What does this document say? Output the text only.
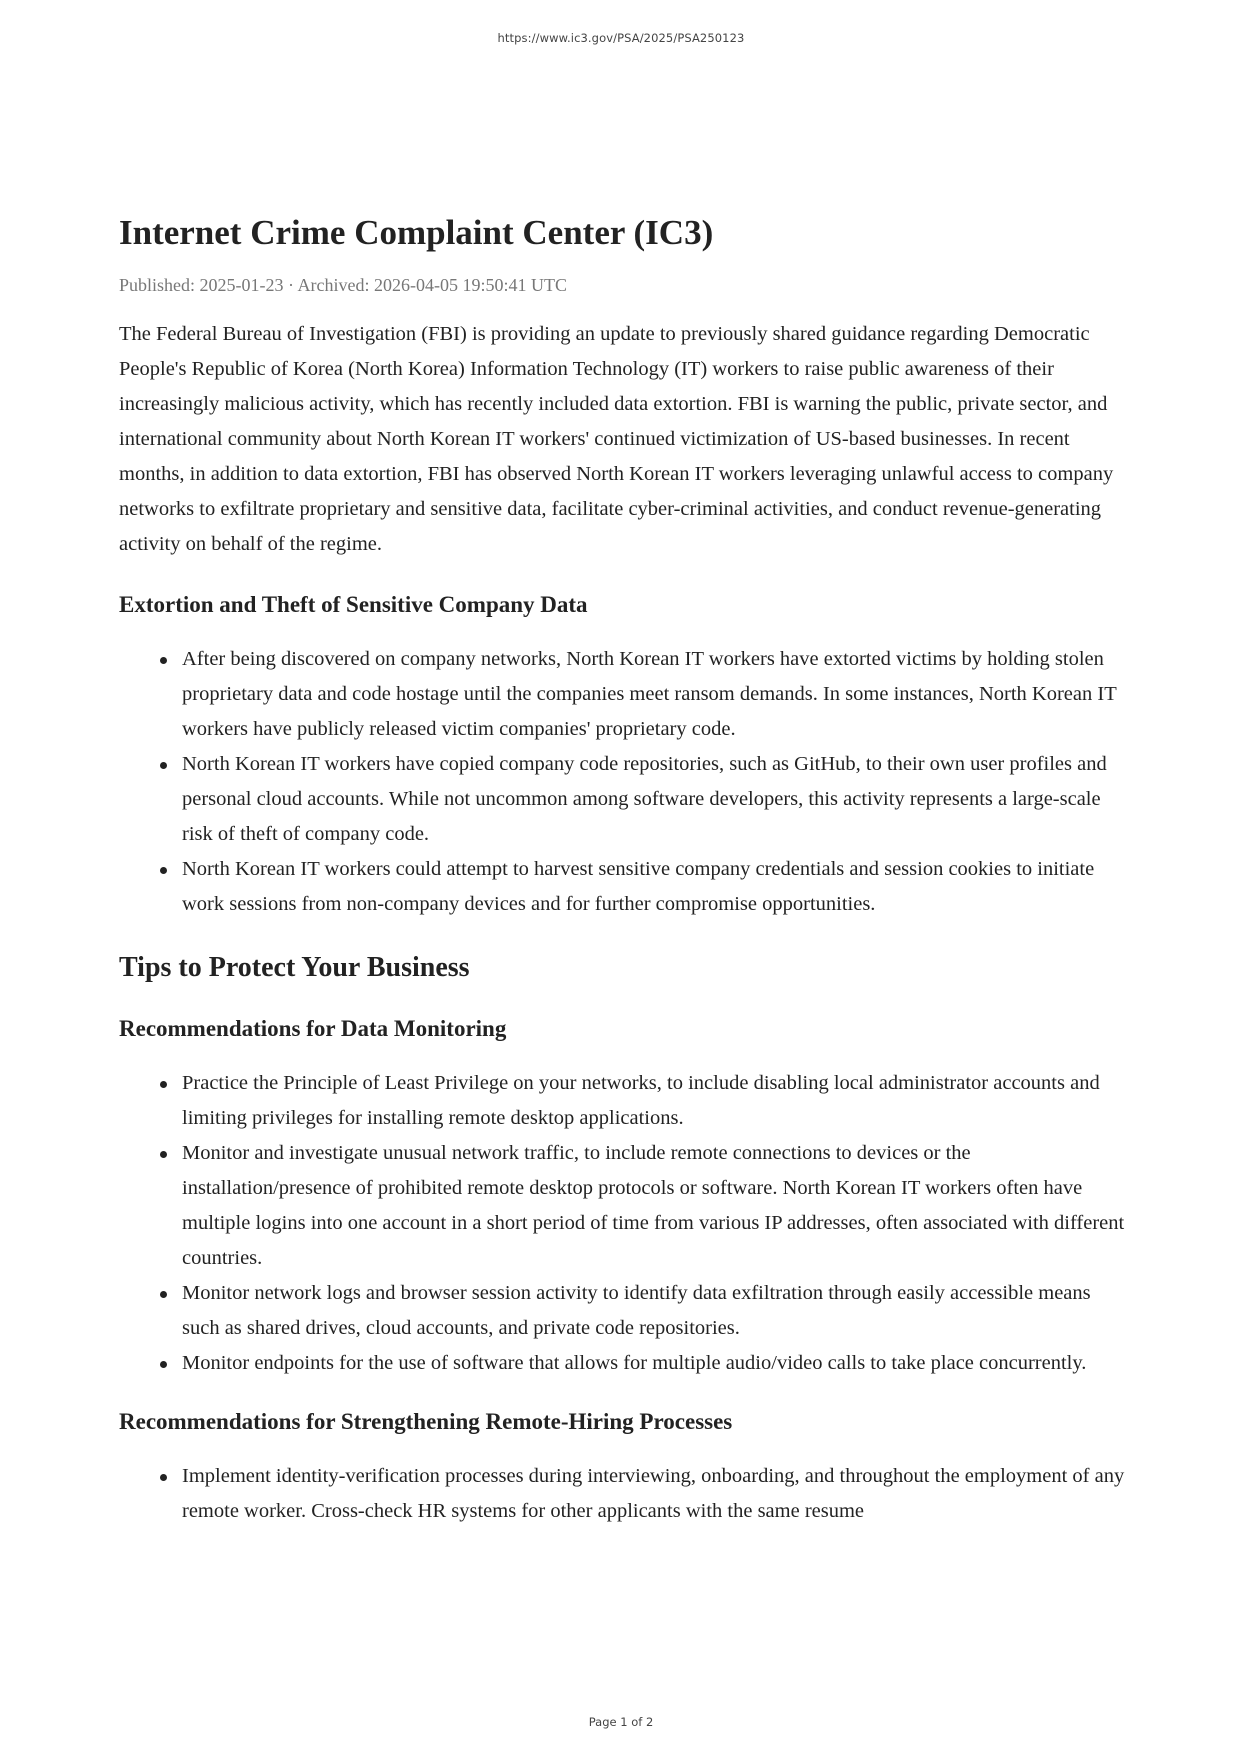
https://www.ic3.gov/PSA/2025/PSA250123
Internet Crime Complaint Center (IC3)
Published: 2025-01-23 · Archived: 2026-04-05 19:50:41 UTC

The Federal Bureau of Investigation (FBI) is providing an update to previously shared guidance regarding Democratic People's Republic of Korea (North Korea) Information Technology (IT) workers to raise public awareness of their increasingly malicious activity, which has recently included data extortion. FBI is warning the public, private sector, and international community about North Korean IT workers' continued victimization of US-based businesses. In recent months, in addition to data extortion, FBI has observed North Korean IT workers leveraging unlawful access to company networks to exfiltrate proprietary and sensitive data, facilitate cyber-criminal activities, and conduct revenue-generating activity on behalf of the regime.

Extortion and Theft of Sensitive Company Data
After being discovered on company networks, North Korean IT workers have extorted victims by holding stolen proprietary data and code hostage until the companies meet ransom demands. In some instances, North Korean IT workers have publicly released victim companies' proprietary code.
North Korean IT workers have copied company code repositories, such as GitHub, to their own user profiles and personal cloud accounts. While not uncommon among software developers, this activity represents a large-scale risk of theft of company code.
North Korean IT workers could attempt to harvest sensitive company credentials and session cookies to initiate work sessions from non-company devices and for further compromise opportunities.
Tips to Protect Your Business
Recommendations for Data Monitoring
Practice the Principle of Least Privilege on your networks, to include disabling local administrator accounts and limiting privileges for installing remote desktop applications.
Monitor and investigate unusual network traffic, to include remote connections to devices or the installation/presence of prohibited remote desktop protocols or software. North Korean IT workers often have multiple logins into one account in a short period of time from various IP addresses, often associated with different countries.
Monitor network logs and browser session activity to identify data exfiltration through easily accessible means such as shared drives, cloud accounts, and private code repositories.
Monitor endpoints for the use of software that allows for multiple audio/video calls to take place concurrently.
Recommendations for Strengthening Remote-Hiring Processes
Implement identity-verification processes during interviewing, onboarding, and throughout the employment of any remote worker. Cross-check HR systems for other applicants with the same resume
Page 1 of 2
